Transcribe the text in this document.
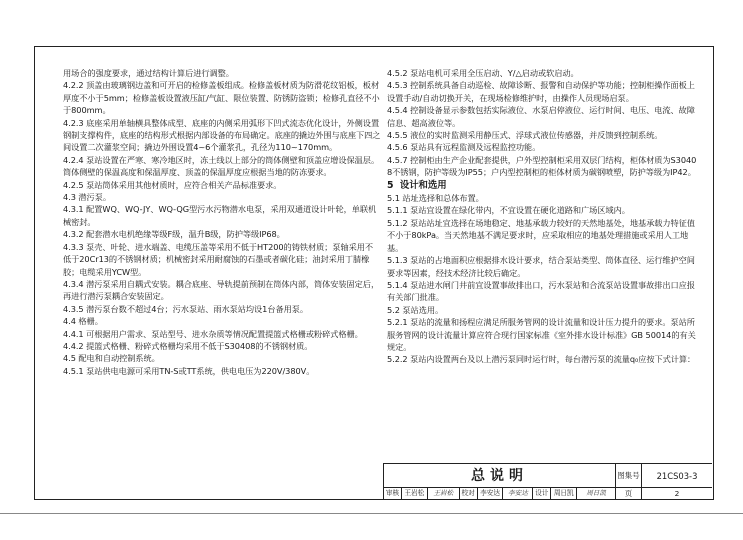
用场合的强度要求，通过结构计算后进行调整。

4.2.2 顶盖由玻璃钢边盖和可开启的检修盖板组成。检修盖板材质为防滑花纹铝板，板材厚度不小于5mm；检修盖板设置液压缸/气缸、限位装置、防锈防盗锁；检修孔直径不小于800mm。

4.2.3 底座采用单轴横具整体成型、底座的内侧采用弧形下凹式流态优化设计，外侧设置钢制支撑构件，底座的结构形式根据内部设备的布局确定。底座的撬边外围与底座下四之间设置二次灌浆空间；撬边外围设置4~6个灌浆孔，孔径为110~170mm。

4.2.4 泵站设置在严寒、寒冷地区时，冻土线以上部分的筒体侧壁和顶盖应增设保温层。筒体侧壁的保温高度和保温厚度、顶盖的保温厚度应根据当地的防冻要求。

4.2.5 泵站筒体采用其他材质时，应符合相关产品标准要求。

4.3 潜污泵。

4.3.1 配置WQ、WQ-JY、WQ-QG型污水污物潜水电泵，采用双通道设计叶轮，单联机械密封。

4.3.2 配套潜水电机绝缘等级F级，温升B级，防护等级IP68。

4.3.3 泵壳、叶轮、进水端盖、电缆压盖等采用不低于HT200的铸铁材质；泵轴采用不低于20Cr13的不锈钢材质；机械密封采用耐腐蚀的石墨或者碳化硅；油封采用丁腈橡胶；电缆采用YCW型。

4.3.4 潜污泵采用自耦式安装。耦合底座、导轨提前预制在筒体内部，筒体安装固定后，再进行潜污泵耦合安装固定。

4.3.5 潜污泵台数不超过4台；污水泵站、雨水泵站均设1台备用泵。

4.4 格栅。

4.4.1 可根据用户需求、泵站型号、进水杂质等情况配置提篮式格栅或粉碎式格栅。

4.4.2 提篮式格栅、粉碎式格栅均采用不低于S30408的不锈钢材质。

4.5 配电和自动控制系统。

4.5.1 泵站供电电源可采用TN-S或TT系统，供电电压为220V/380V。

4.5.2 泵站电机可采用全压启动、Y/△启动或软启动。

4.5.3 控制系统具备自动巡检、故障诊断、报警和自动保护等功能；控制柜操作面板上设置手动/自动切换开关，在现场检修维护时，由操作人员现场启泵。

4.5.4 控制设备显示参数包括实际液位、水泵启停液位、运行时间、电压、电流、故障信息、超高液位等。

4.5.5 液位的实时监测采用静压式、浮球式液位传感器，并反馈到控制系统。

4.5.6 泵站具有远程监测及远程监控功能。

4.5.7 控制柜由生产企业配套提供，户外型控制柜采用双层门结构，柜体材质为S30408不锈钢，防护等级为IP55；户内型控制柜的柜体材质为碳钢喷塑，防护等级为IP42。

5  设计和选用

5.1 站址选择和总体布置。

5.1.1 泵站宜设置在绿化带内，不宜设置在硬化道路和广场区域内。

5.1.2 泵站站址宜选择在场地稳定、地基承载力较好的天然地基处，地基承载力特征值不小于80kPa。当天然地基不满足要求时，应采取相应的地基处理措施或采用人工地基。

5.1.3 泵站的占地面积应根据排水设计要求，结合泵站类型、筒体直径、运行维护空间要求等因素，经技术经济比较后确定。

5.1.4 泵站进水闸门井前宜设置事故排出口，污水泵站和合流泵站设置事故排出口应报有关部门批准。

5.2 泵站选用。

5.2.1 泵站的流量和扬程应满足所服务管网的设计流量和设计压力提升的要求。泵站所服务管网的设计流量计算应符合现行国家标准《室外排水设计标准》GB 50014的有关规定。

5.2.2 泵站内设置两台及以上潜污泵同时运行时，每台潜污泵的流量q₀应按下式计算：

总说明	图集号	21CS03-3
审核 王岩松	王岩松	校对 李安达	李安达	设计 周日凯	周日凯	页	2
